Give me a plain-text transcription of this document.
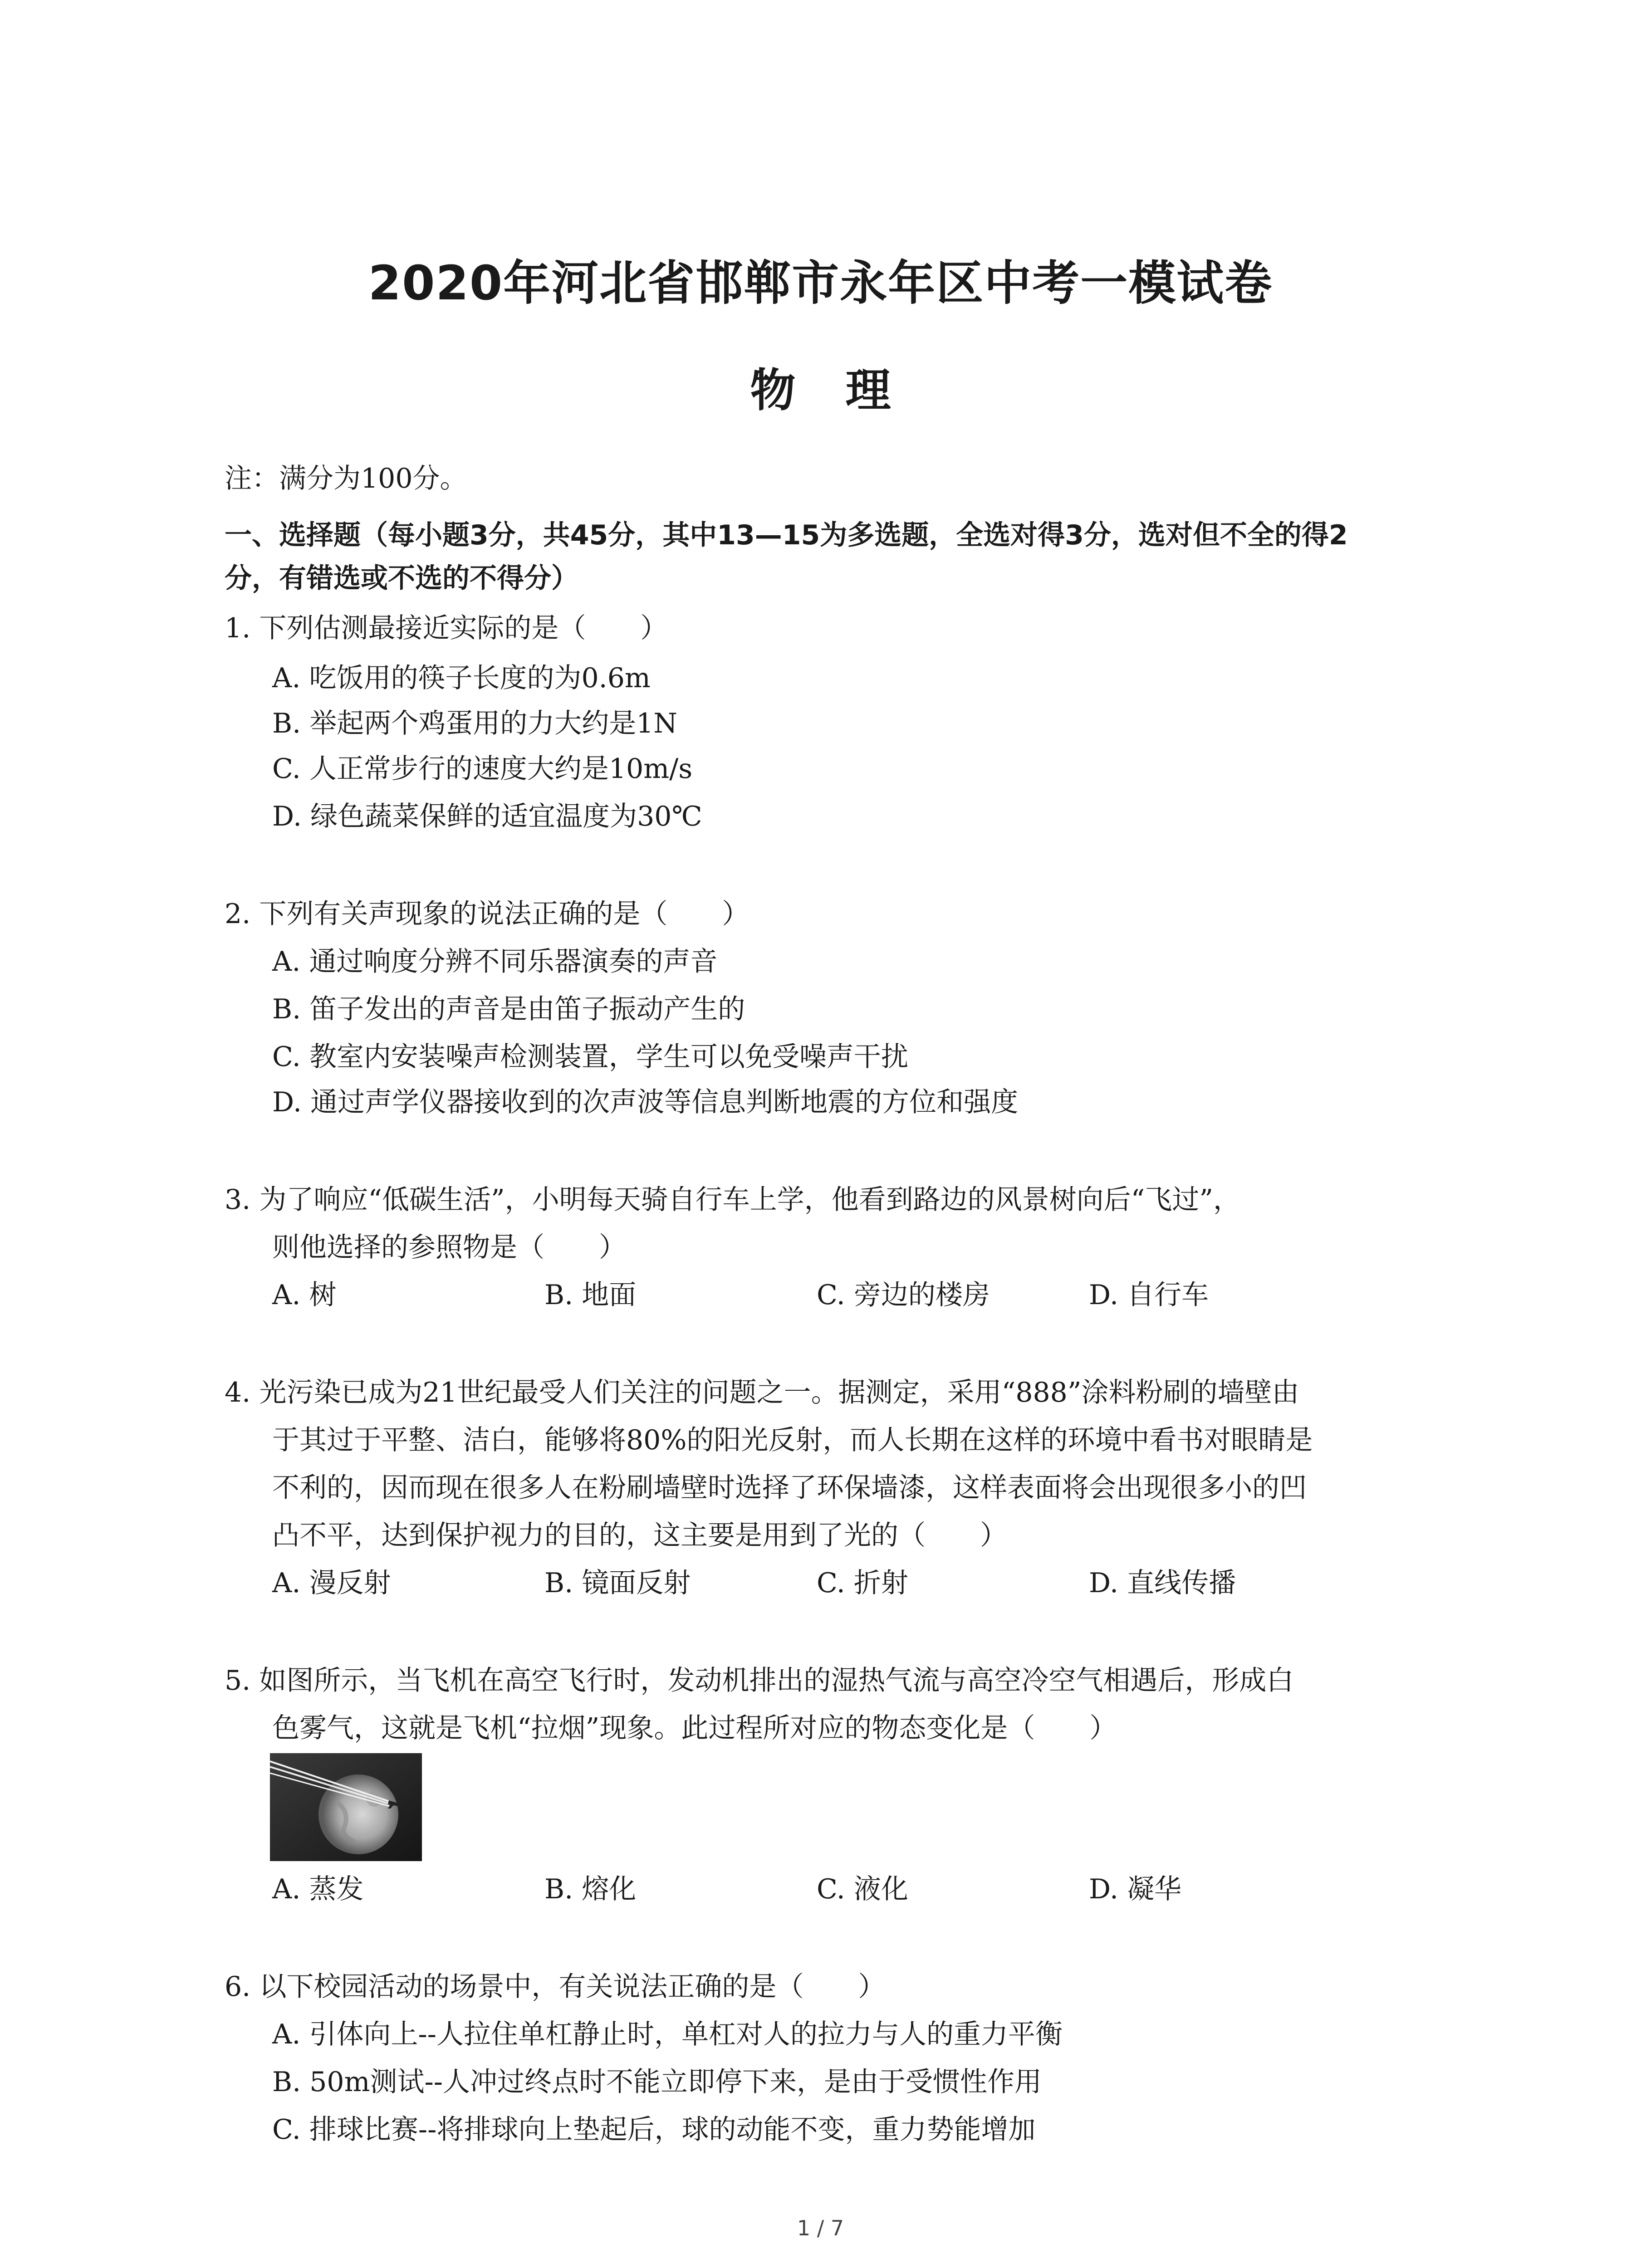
2020年河北省邯郸市永年区中考一模试卷
物理
注：满分为100分。
一、选择题（每小题3分，共45分，其中13—15为多选题，全选对得3分，选对但不全的得2
分，有错选或不选的不得分）
1. 下列估测最接近实际的是（　　）
A. 吃饭用的筷子长度的为0.6m
B. 举起两个鸡蛋用的力大约是1N
C. 人正常步行的速度大约是10m/s
D. 绿色蔬菜保鲜的适宜温度为30℃
2. 下列有关声现象的说法正确的是（　　）
A. 通过响度分辨不同乐器演奏的声音
B. 笛子发出的声音是由笛子振动产生的
C. 教室内安装噪声检测装置，学生可以免受噪声干扰
D. 通过声学仪器接收到的次声波等信息判断地震的方位和强度
3. 为了响应“低碳生活”，小明每天骑自行车上学，他看到路边的风景树向后“飞过”，
则他选择的参照物是（　　）
A. 树	B. 地面	C. 旁边的楼房	D. 自行车
4. 光污染已成为21世纪最受人们关注的问题之一。据测定，采用“888”涂料粉刷的墙壁由
于其过于平整、洁白，能够将80%的阳光反射，而人长期在这样的环境中看书对眼睛是
不利的，因而现在很多人在粉刷墙壁时选择了环保墙漆，这样表面将会出现很多小的凹
凸不平，达到保护视力的目的，这主要是用到了光的（　　）
A. 漫反射	B. 镜面反射	C. 折射	D. 直线传播
5. 如图所示，当飞机在高空飞行时，发动机排出的湿热气流与高空冷空气相遇后，形成白
色雾气，这就是飞机“拉烟”现象。此过程所对应的物态变化是（　　）
A. 蒸发	B. 熔化	C. 液化	D. 凝华
6. 以下校园活动的场景中，有关说法正确的是（　　）
A. 引体向上--人拉住单杠静止时，单杠对人的拉力与人的重力平衡
B. 50m测试--人冲过终点时不能立即停下来，是由于受惯性作用
C. 排球比赛--将排球向上垫起后，球的动能不变，重力势能增加
1 / 7
